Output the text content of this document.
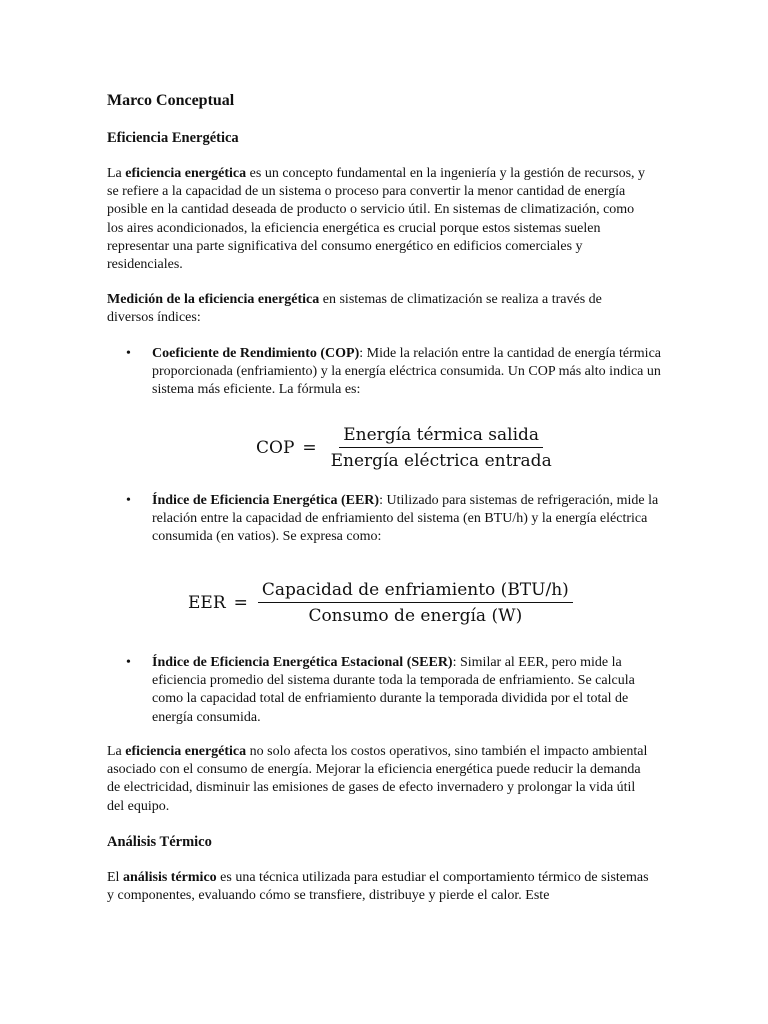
Marco Conceptual
Eficiencia Energética
La eficiencia energética es un concepto fundamental en la ingeniería y la gestión de recursos, y se refiere a la capacidad de un sistema o proceso para convertir la menor cantidad de energía posible en la cantidad deseada de producto o servicio útil. En sistemas de climatización, como los aires acondicionados, la eficiencia energética es crucial porque estos sistemas suelen representar una parte significativa del consumo energético en edificios comerciales y residenciales.
Medición de la eficiencia energética en sistemas de climatización se realiza a través de diversos índices:
• Coeficiente de Rendimiento (COP): Mide la relación entre la cantidad de energía térmica proporcionada (enfriamiento) y la energía eléctrica consumida. Un COP más alto indica un sistema más eficiente. La fórmula es:
COP = $\frac{\text{Energía térmica salida}}{\text{Energía eléctrica entrada}}$
• Índice de Eficiencia Energética (EER): Utilizado para sistemas de refrigeración, mide la relación entre la capacidad de enfriamiento del sistema (en BTU/h) y la energía eléctrica consumida (en vatios). Se expresa como:
EER = $\frac{\text{Capacidad de enfriamiento (BTU/h)}}{\text{Consumo de energía (W)}}$
• Índice de Eficiencia Energética Estacional (SEER): Similar al EER, pero mide la eficiencia promedio del sistema durante toda la temporada de enfriamiento. Se calcula como la capacidad total de enfriamiento durante la temporada dividida por el total de energía consumida.
La eficiencia energética no solo afecta los costos operativos, sino también el impacto ambiental asociado con el consumo de energía. Mejorar la eficiencia energética puede reducir la demanda de electricidad, disminuir las emisiones de gases de efecto invernadero y prolongar la vida útil del equipo.
Análisis Térmico
El análisis térmico es una técnica utilizada para estudiar el comportamiento térmico de sistemas y componentes, evaluando cómo se transfiere, distribuye y pierde el calor. Este
